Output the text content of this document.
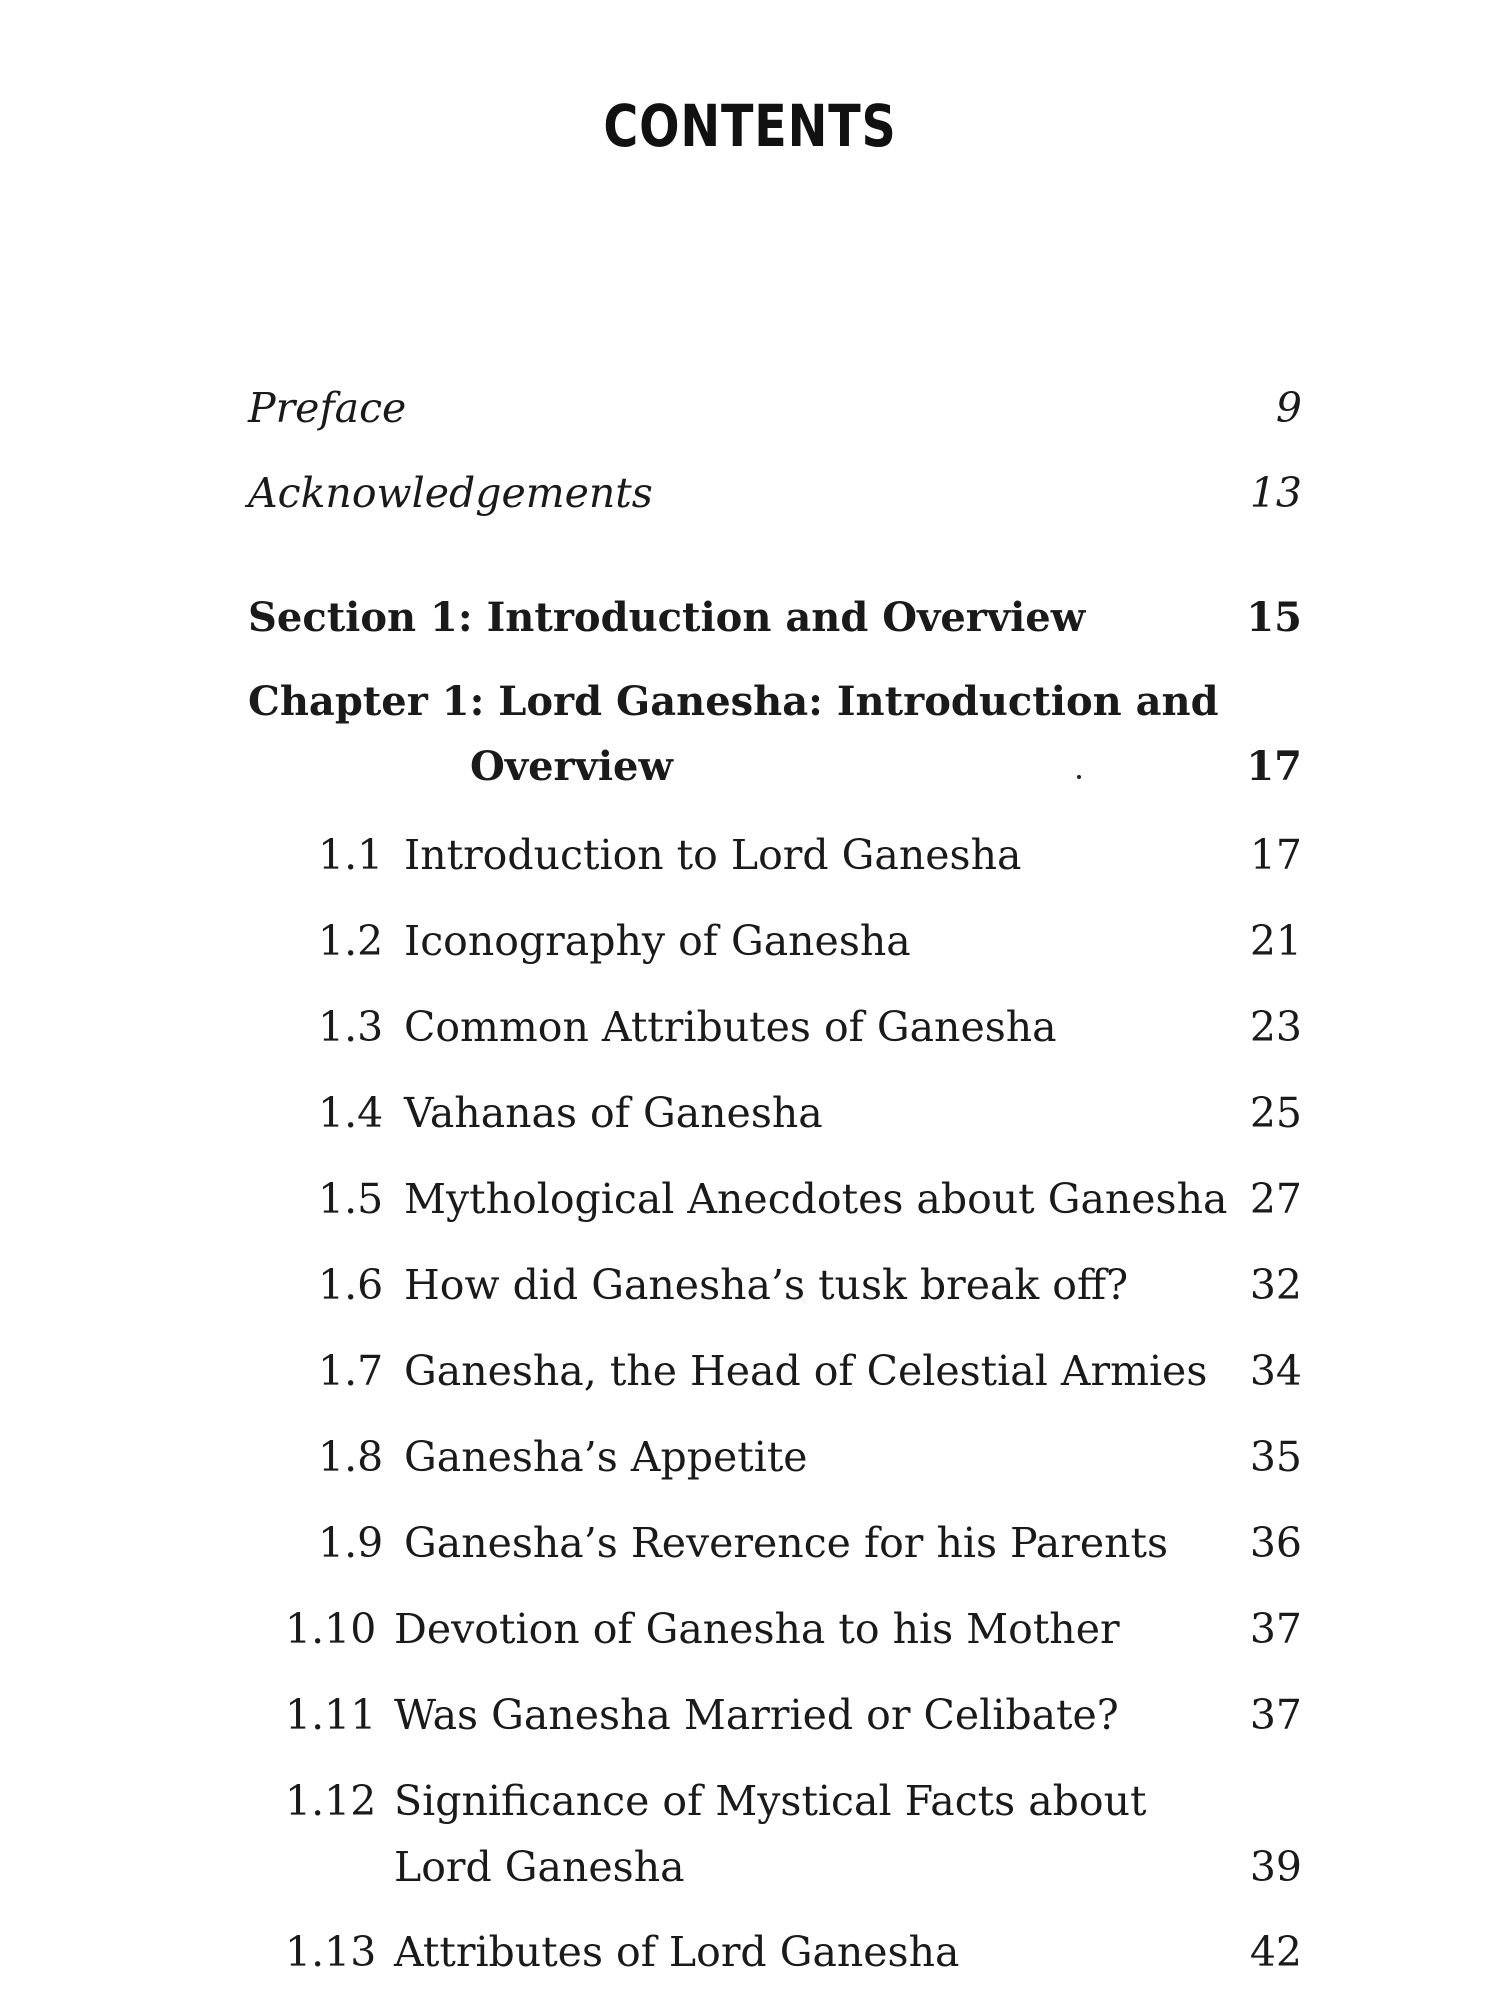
CONTENTS
Preface	9
Acknowledgements	13
Section 1: Introduction and Overview	15
Chapter 1: Lord Ganesha: Introduction and
Overview	17
1.1 Introduction to Lord Ganesha	17
1.2 Iconography of Ganesha	21
1.3 Common Attributes of Ganesha	23
1.4 Vahanas of Ganesha	25
1.5 Mythological Anecdotes about Ganesha 27
1.6 How did Ganesha’s tusk break off?	32
1.7 Ganesha, the Head of Celestial Armies 34
1.8 Ganesha’s Appetite	35
1.9 Ganesha’s Reverence for his Parents 36
1.10 Devotion of Ganesha to his Mother	37
1.11 Was Ganesha Married or Celibate?	37
1.12 Significance of Mystical Facts about
Lord Ganesha	39
1.13 Attributes of Lord Ganesha	42
